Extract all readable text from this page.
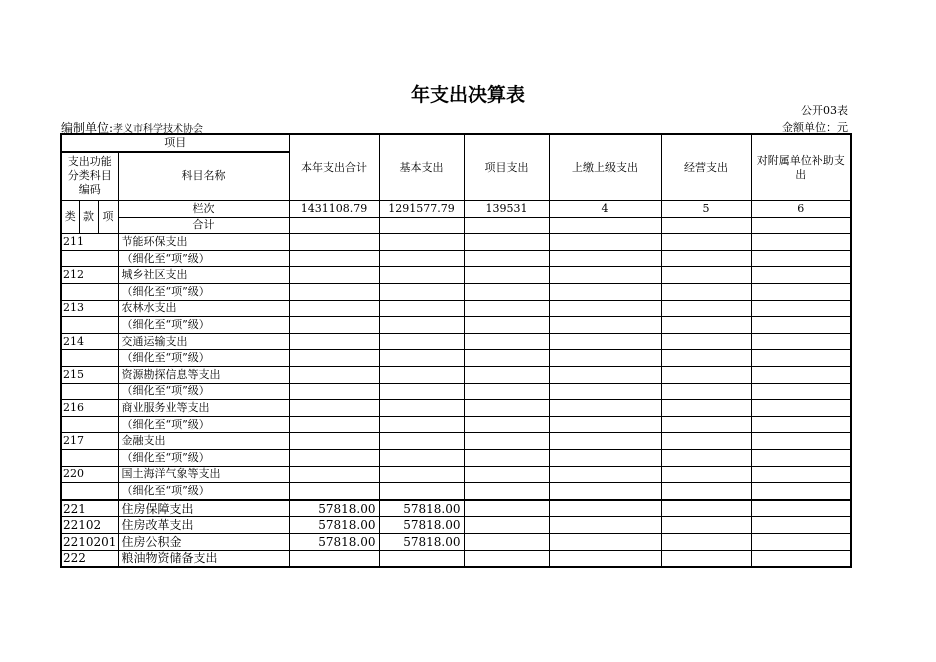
年支出决算表
公开03表
编制单位:孝义市科学技术协会	金额单位：元
项目				本年支出合计	基本支出	项目支出	上缴上级支出	经营支出	对附属单位补助支出
支出功能分类科目编码			科目名称						
类	款	项	栏次	1431108.79	1291577.79	139531	4	5	6
			合计						
211			节能环保支出						
			（细化至“项”级）						
212			城乡社区支出						
			（细化至“项”级）						
213			农林水支出						
			（细化至“项”级）						
214			交通运输支出						
			（细化至“项”级）						
215			资源勘探信息等支出						
			（细化至“项”级）						
216			商业服务业等支出						
			（细化至“项”级）						
217			金融支出						
			（细化至“项”级）						
220			国土海洋气象等支出						
			（细化至“项”级）						
221			住房保障支出	57818.00	57818.00				
22102			住房改革支出	57818.00	57818.00				
2210201			住房公积金	57818.00	57818.00				
222			粮油物资储备支出						
